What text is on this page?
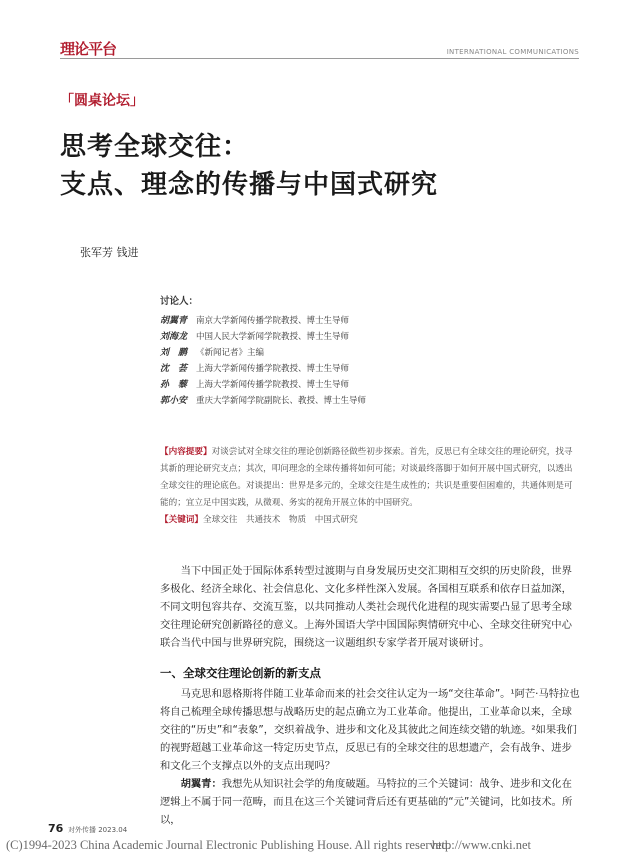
理论平台	INTERNATIONAL COMMUNICATIONS
「圆桌论坛」
思考全球交往：
支点、理念的传播与中国式研究
张军芳 钱进
讨论人：
胡翼青 南京大学新闻传播学院教授、博士生导师
刘海龙 中国人民大学新闻学院教授、博士生导师
刘　鹏 《新闻记者》主编
沈　荟 上海大学新闻传播学院教授、博士生导师
孙　藜 上海大学新闻传播学院教授、博士生导师
郭小安 重庆大学新闻学院副院长、教授、博士生导师

【内容提要】对谈尝试对全球交往的理论创新路径做些初步探索。首先，反思已有全球交往的理论研究，找寻其新的理论研究支点；其次，叩问理念的全球传播将如何可能；对谈最终落脚于如何开展中国式研究，以透出全球交往的理论底色。对谈提出：世界是多元的，全球交往是生成性的；共识是重要但困难的，共通体则是可能的；宜立足中国实践，从微观、务实的视角开展立体的中国研究。

【关键词】全球交往　共通技术　物质　中国式研究

当下中国正处于国际体系转型过渡期与自身发展历史交汇期相互交织的历史阶段，世界多极化、经济全球化、社会信息化、文化多样性深入发展。各国相互联系和依存日益加深，不同文明包容共存、交流互鉴，以共同推动人类社会现代化进程的现实需要凸显了思考全球交往理论研究创新路径的意义。上海外国语大学中国国际舆情研究中心、全球交往研究中心联合当代中国与世界研究院，围绕这一议题组织专家学者开展对谈研讨。

一、全球交往理论创新的新支点

马克思和恩格斯将伴随工业革命而来的社会交往认定为一场“交往革命”。¹阿芒·马特拉也将自己梳理全球传播思想与战略历史的起点确立为工业革命。他提出，工业革命以来，全球交往的“历史”和“表象”，交织着战争、进步和文化及其彼此之间连续交错的轨迹。²如果我们的视野超越工业革命这一特定历史节点，反思已有的全球交往的思想遗产，会有战争、进步和文化三个支撑点以外的支点出现吗？

胡翼青：我想先从知识社会学的角度破题。马特拉的三个关键词：战争、进步和文化在逻辑上不属于同一范畴，而且在这三个关键词背后还有更基础的“元”关键词，比如技术。所以，

76 对外传播 2023.04
(C)1994-2023 China Academic Journal Electronic Publishing House. All rights reserved.
http://www.cnki.net
